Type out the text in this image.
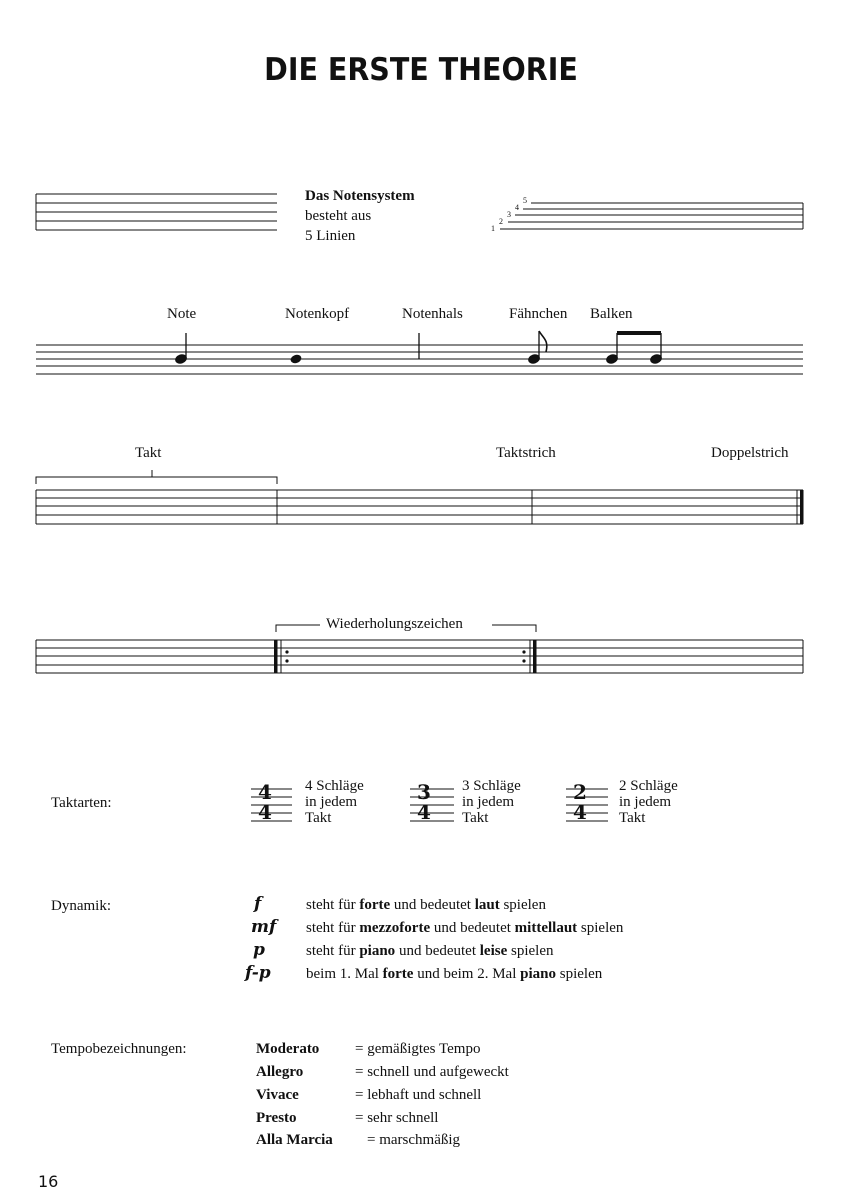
DIE ERSTE THEORIE
Das Notensystem
besteht aus
5 Linien	1
2
3
4
5
Note	Notenkopf	Notenhals	Fähnchen Balken
Takt	Taktstrich	Doppelstrich
Wiederholungszeichen
Taktarten:	4
4
4 Schläge
in jedem
Takt
3
4
3 Schläge
in jedem
Takt
2
4
2 Schläge
in jedem
Takt
Dynamik:	f	steht für forte und bedeutet laut spielen
mf steht für mezzoforte und bedeutet mittellaut spielen
p	steht für piano und bedeutet leise spielen
f-p beim 1. Mal forte und beim 2. Mal piano spielen
Tempobezeichnungen:	Moderato = gemäßigtes Tempo
Allegro	= schnell und aufgeweckt
Vivace	= lebhaft und schnell
Presto	= sehr schnell
Alla Marcia = marschmäßig
16
